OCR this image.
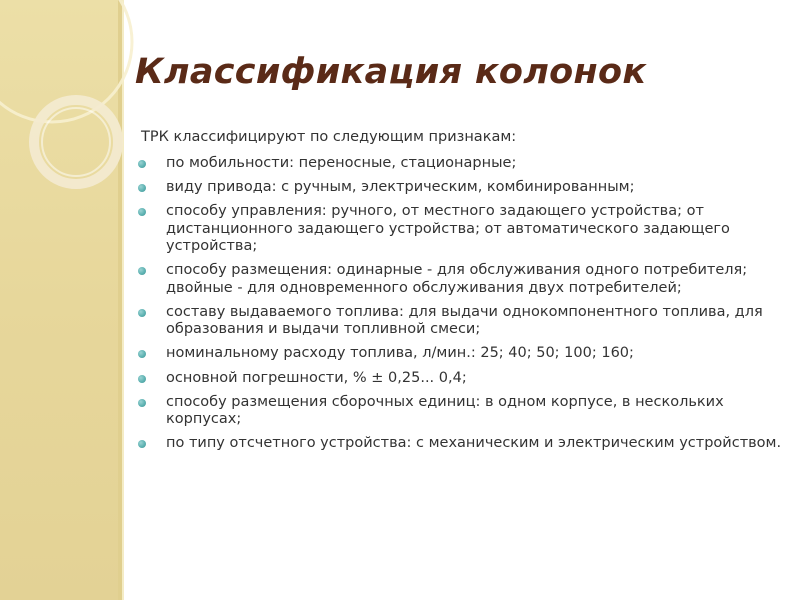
Классификация колонок
ТРК классифицируют по следующим признакам:
по мобильности: переносные, стационарные;
виду привода: с ручным, электрическим, комбинированным;
способу управления: ручного, от местного задающего устройства; от дистанционного задающего устройства; от автоматического задающего устройства;
способу размещения: одинарные - для обслуживания одного потребителя; двойные - для одновременного обслуживания двух потребителей;
составу выдаваемого топлива: для выдачи однокомпонентного топлива, для образования и выдачи топливной смеси;
номинальному расходу топлива, л/мин.: 25; 40; 50; 100; 160;
основной погрешности, % ± 0,25... 0,4;
способу размещения сборочных единиц: в одном корпусе, в нескольких корпусах;
по типу отсчетного устройства: с механическим и электрическим устройством.
